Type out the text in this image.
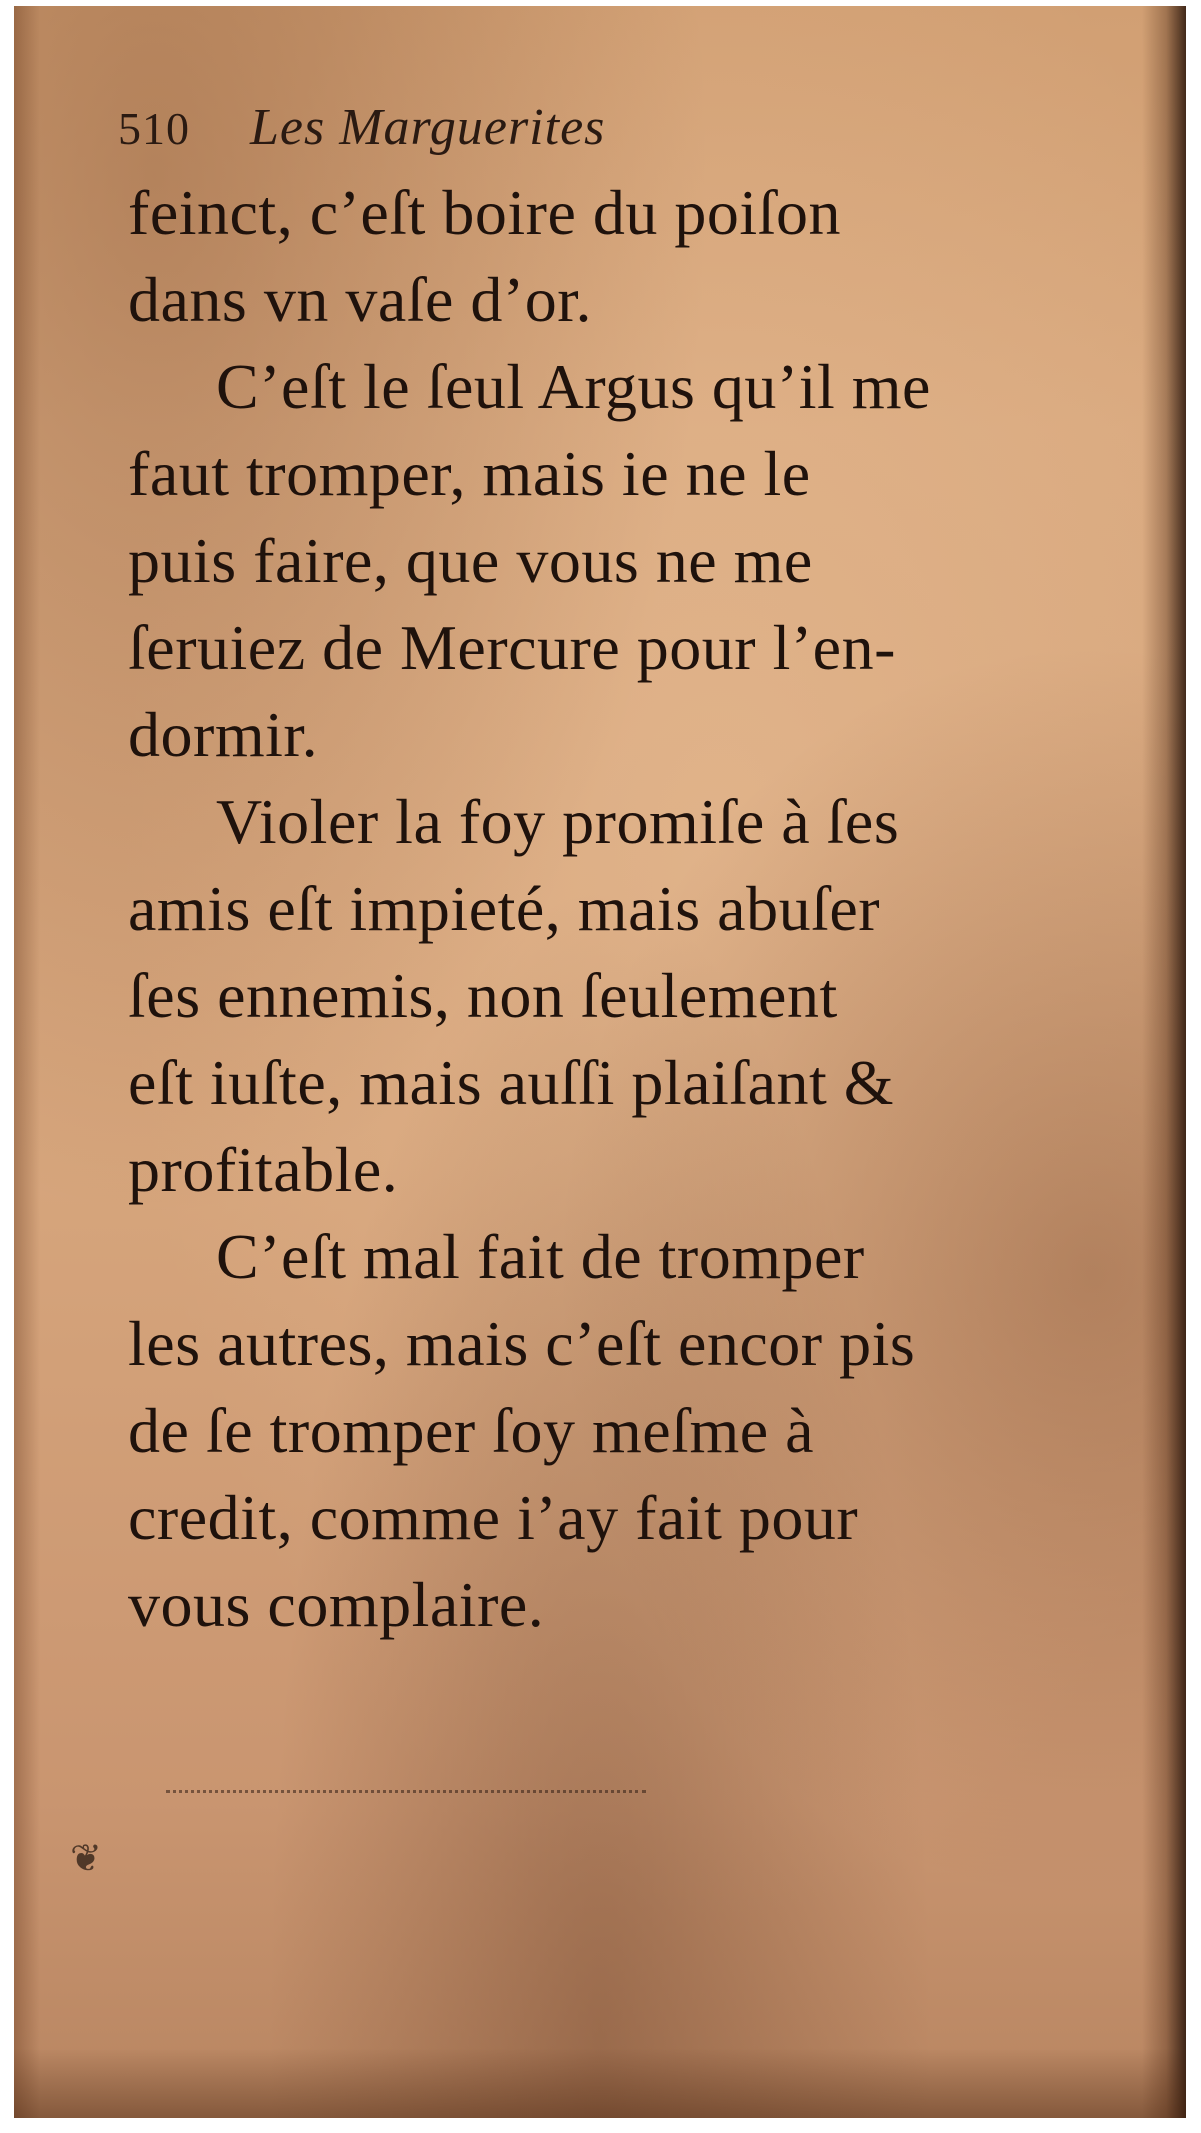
510 Les Marguerites
feinct, c’eſt boire du poiſon
dans vn vaſe d’or.
C’eſt le ſeul Argus qu’il me
faut tromper, mais ie ne le
puis faire, que vous ne me
ſeruiez de Mercure pour l’en-
dormir.
Violer la foy promiſe à ſes
amis eſt impieté, mais abuſer
ſes ennemis, non ſeulement
eſt iuſte, mais auſſi plaiſant &
profitable.
C’eſt mal fait de tromper
les autres, mais c’eſt encor pis
de ſe tromper ſoy meſme à
credit, comme i’ay fait pour
vous complaire.
❦
